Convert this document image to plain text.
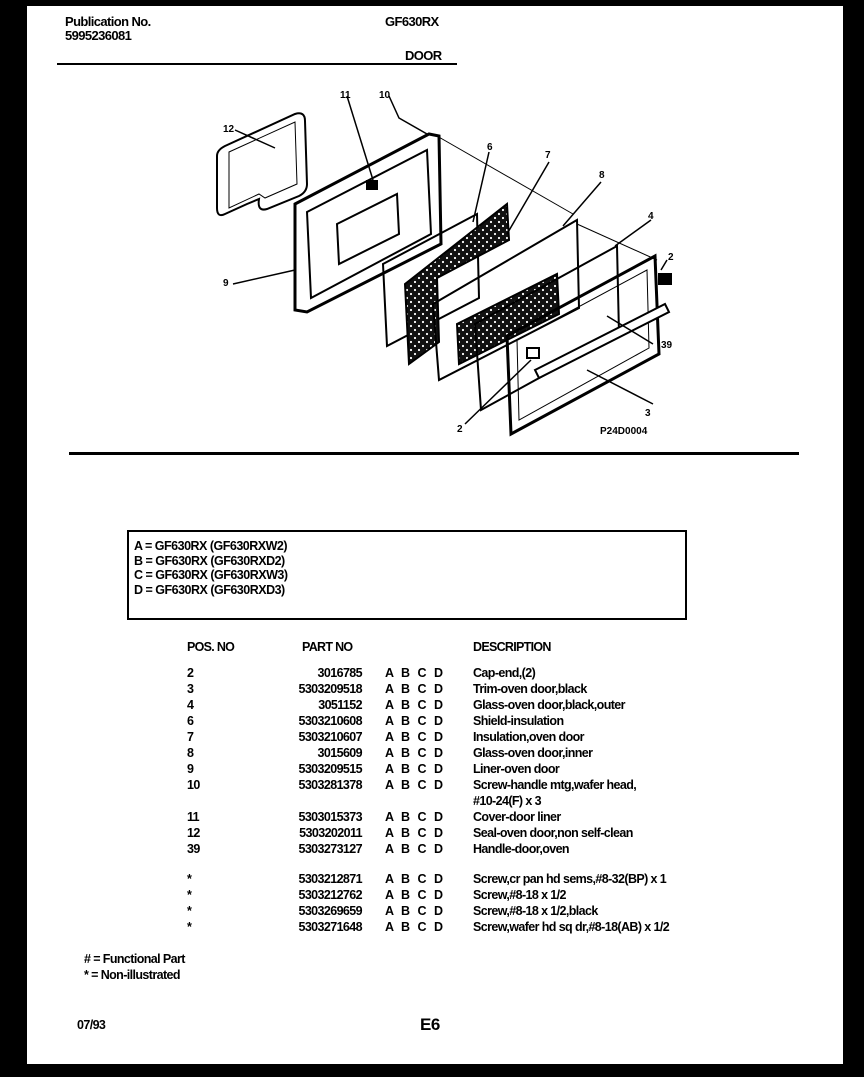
Publication No.
5995236081
GF630RX
DOOR
12
11	10
9
6
7
8
4
2
39
3
2	P24D0004
A = GF630RX (GF630RXW2)
B = GF630RX (GF630RXD2)
C = GF630RX (GF630RXW3)
D = GF630RX (GF630RXD3)
POS. NO	PART NO	DESCRIPTION
2	3016785 A B C D Cap-end,(2)
3	5303209518 A B C D Trim-oven door,black
4	3051152 A B C D Glass-oven door,black,outer
6	5303210608 A B C D Shield-insulation
7	5303210607 A B C D Insulation,oven door
8	3015609 A B C D Glass-oven door,inner
9	5303209515 A B C D Liner-oven door
10	5303281378 A B C D Screw-handle mtg,wafer head,
#10-24(F) x 3
11	5303015373 A B C D Cover-door liner
12	5303202011 A B C D Seal-oven door,non self-clean
39	5303273127 A B C D Handle-door,oven
*	5303212871 A B C D Screw,cr pan hd sems,#8-32(BP) x 1
*	5303212762 A B C D Screw,#8-18 x 1/2
*	5303269659 A B C D Screw,#8-18 x 1/2,black
*	5303271648 A B C D Screw,wafer hd sq dr,#8-18(AB) x 1/2
# = Functional Part
* = Non-illustrated
07/93	E6
